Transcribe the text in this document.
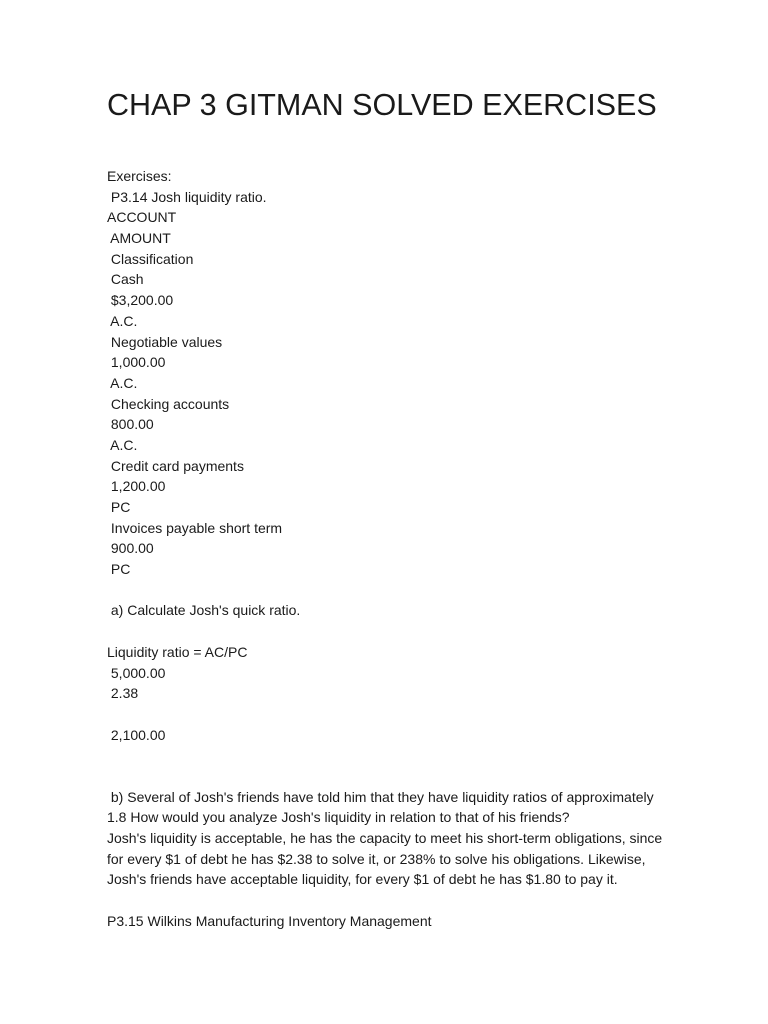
CHAP 3 GITMAN SOLVED EXERCISES
Exercises:
P3.14 Josh liquidity ratio.
ACCOUNT
AMOUNT
Classification
Cash
$3,200.00
A.C.
Negotiable values
1,000.00
A.C.
Checking accounts
800.00
A.C.
Credit card payments
1,200.00
PC
Invoices payable short term
900.00
PC
a) Calculate Josh's quick ratio.
Liquidity ratio = AC/PC
5,000.00
2.38
2,100.00
b) Several of Josh's friends have told him that they have liquidity ratios of approximately
1.8 How would you analyze Josh's liquidity in relation to that of his friends?
Josh's liquidity is acceptable, he has the capacity to meet his short-term obligations, since
for every $1 of debt he has $2.38 to solve it, or 238% to solve his obligations. Likewise,
Josh's friends have acceptable liquidity, for every $1 of debt he has $1.80 to pay it.
P3.15 Wilkins Manufacturing Inventory Management
